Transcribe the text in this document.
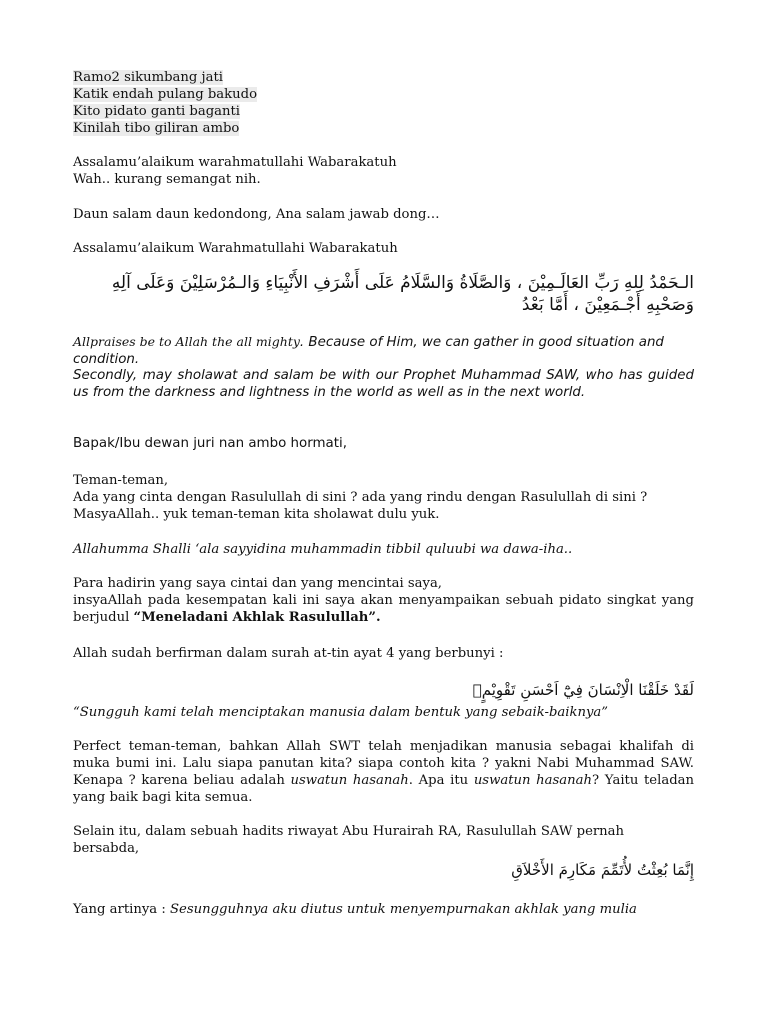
Ramo2 sikumbang jati

Katik endah pulang bakudo

Kito pidato ganti baganti

Kinilah tibo giliran ambo

Assalamu’alaikum warahmatullahi Wabarakatuh

Wah.. kurang semangat nih.

Daun salam daun kedondong, Ana salam jawab dong…

Assalamu’alaikum Warahmatullahi Wabarakatuh

الـحَمْدُ لِلهِ رَبِّ العَالَـمِيْنَ ، وَالصَّلَاةُ وَالسَّلَامُ عَلَى أَشْرَفِ الأَنْبِيَاءِ وَالـمُرْسَلِيْنَ وَعَلَى آلِهِ وَصَحْبِهِ أَجْـمَعِيْنَ ، أَمَّا بَعْدُ

Allpraises be to Allah the all mighty. Because of Him, we can gather in good situation and condition.

Secondly, may sholawat and salam be with our Prophet Muhammad SAW, who has guided us from the darkness and lightness in the world as well as in the next world.

Bapak/Ibu dewan juri nan ambo hormati,

Teman-teman,

Ada yang cinta dengan Rasulullah di sini ? ada yang rindu dengan Rasulullah di sini ?

MasyaAllah.. yuk teman-teman kita sholawat dulu yuk.

Allahumma Shalli ‘ala sayyidina muhammadin tibbil quluubi wa dawa-iha..

Para hadirin yang saya cintai dan yang mencintai saya,

insyaAllah pada kesempatan kali ini saya akan menyampaikan sebuah pidato singkat yang berjudul “Meneladani Akhlak Rasulullah”.

Allah sudah berfirman dalam surah at-tin ayat 4 yang berbunyi :

لَقَدْ خَلَقْنَا الْاِنْسَانَ فِيْٓ اَحْسَنِ تَقْوِيْمٍۖ

“Sungguh kami telah menciptakan manusia dalam bentuk yang sebaik-baiknya”

Perfect teman-teman, bahkan Allah SWT telah menjadikan manusia sebagai khalifah di muka bumi ini. Lalu siapa panutan kita? siapa contoh kita ? yakni Nabi Muhammad SAW. Kenapa ? karena beliau adalah uswatun hasanah. Apa itu uswatun hasanah? Yaitu teladan yang baik bagi kita semua.

Selain itu, dalam sebuah hadits riwayat Abu Hurairah RA, Rasulullah SAW pernah bersabda,

إِنَّمَا بُعِثْتُ لأُتَمِّمَ مَكَارِمَ الأَخْلاَقِ

Yang artinya : Sesungguhnya aku diutus untuk menyempurnakan akhlak yang mulia
